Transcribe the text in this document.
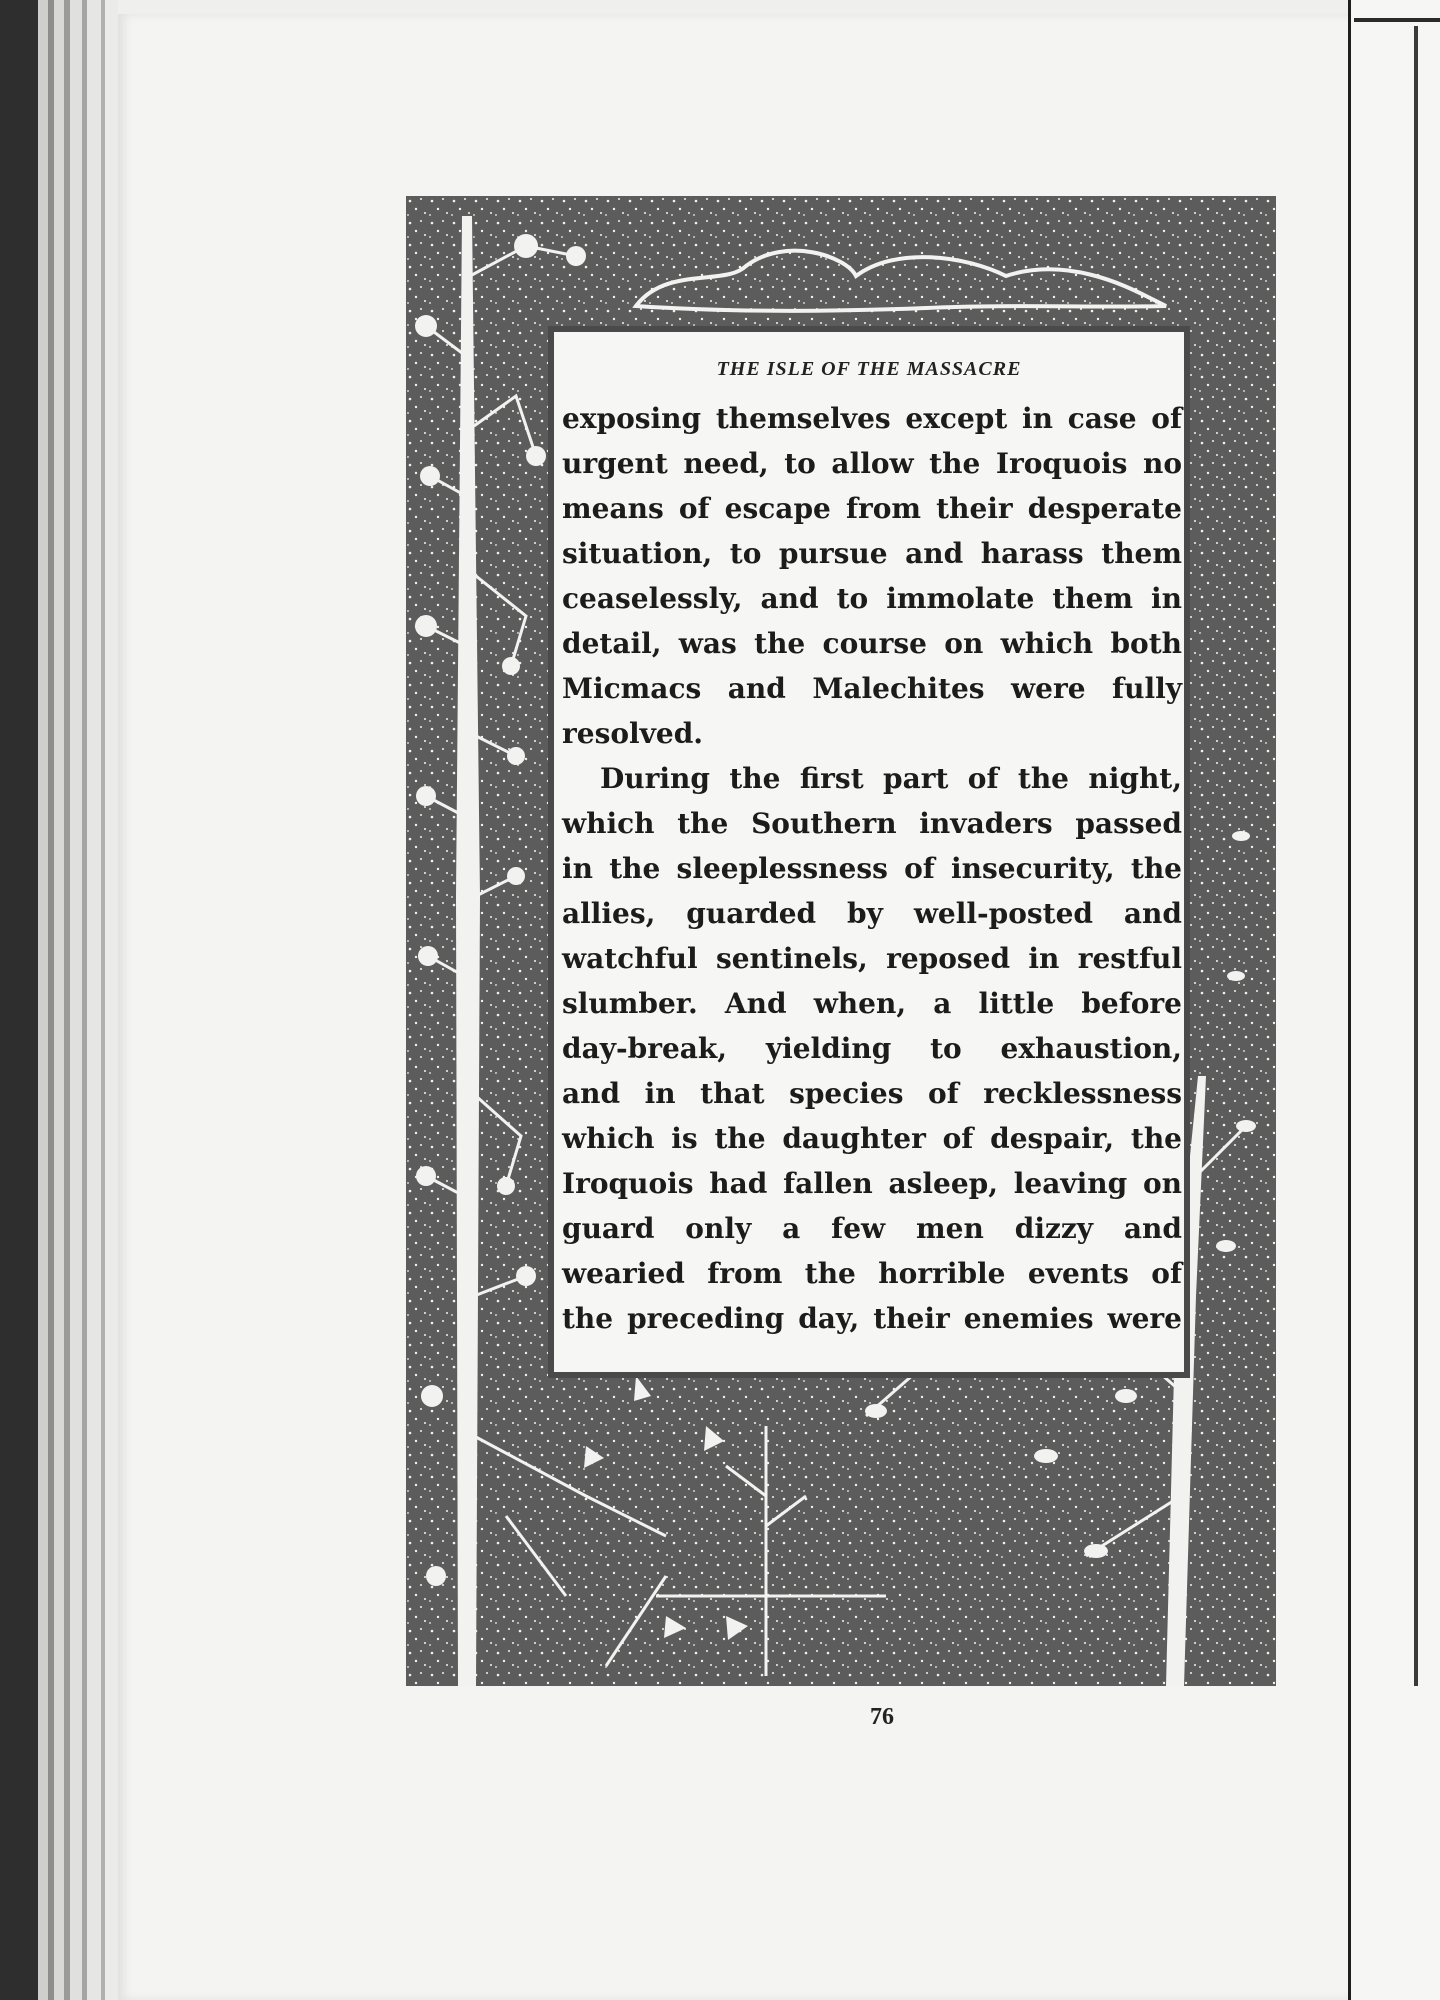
THE ISLE OF THE MASSACRE
exposing themselves except in case of
urgent need, to allow the Iroquois no
means of escape from their desperate
situation, to pursue and harass them
ceaselessly, and to immolate them in
detail, was the course on which both
Micmacs and Malechites were fully
resolved.
During the first part of the night,
which the Southern invaders passed
in the sleeplessness of insecurity, the
allies, guarded by well-posted and
watchful sentinels, reposed in restful
slumber. And when, a little before
day-break, yielding to exhaustion,
and in that species of recklessness
which is the daughter of despair, the
Iroquois had fallen asleep, leaving on
guard only a few men dizzy and
wearied from the horrible events of
the preceding day, their enemies were
76
